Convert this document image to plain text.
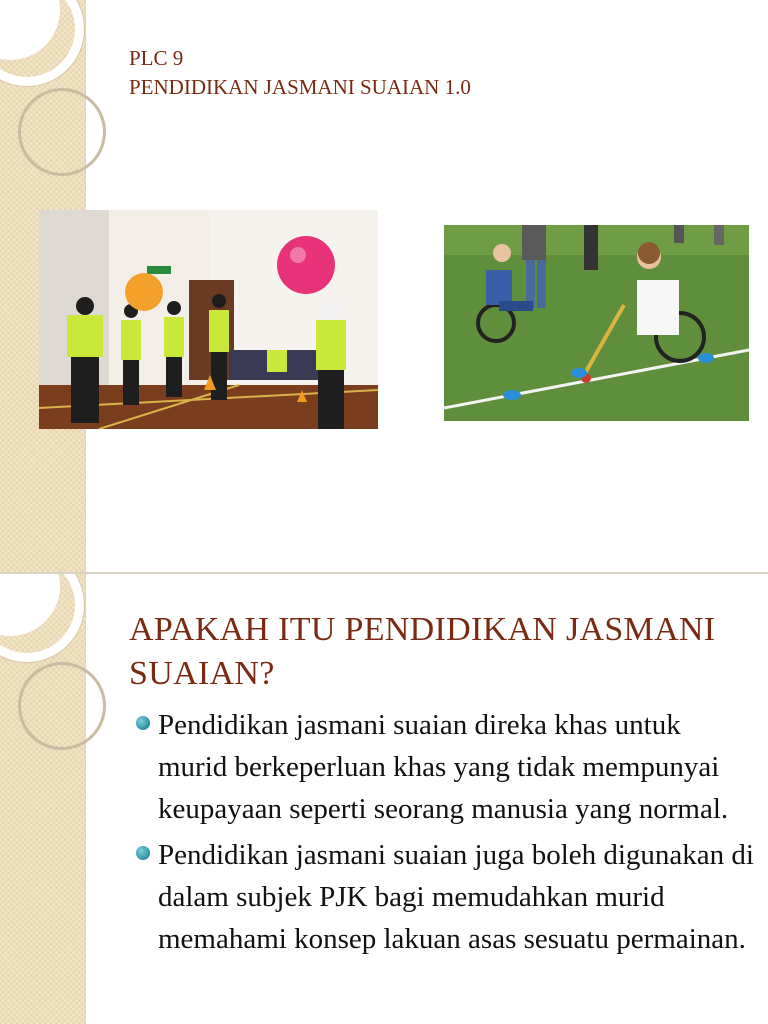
PLC 9
PENDIDIKAN JASMANI SUAIAN 1.0
APAKAH ITU PENDIDIKAN JASMANI SUAIAN?
Pendidikan jasmani suaian direka khas untuk murid berkeperluan khas yang tidak mempunyai keupayaan seperti seorang manusia yang normal.
Pendidikan jasmani suaian juga boleh digunakan di dalam subjek PJK bagi memudahkan murid memahami konsep lakuan asas sesuatu permainan.
